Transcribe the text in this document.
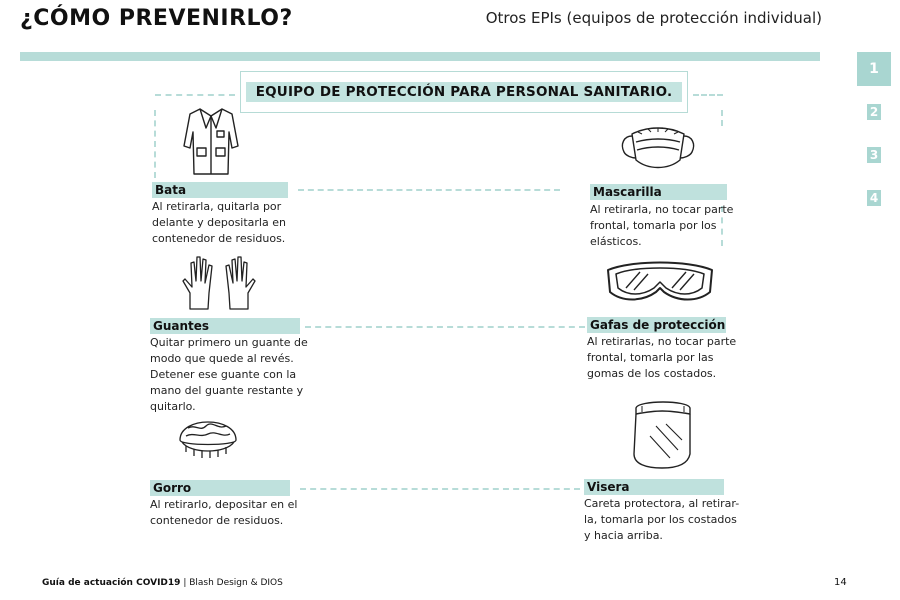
¿CÓMO PREVENIRLO?	Otros EPIs (equipos de protección individual)
1
2
3
4
EQUIPO DE PROTECCIÓN PARA PERSONAL SANITARIO.
Bata
Al retirarla, quitarla por
delante y depositarla en
contenedor de residuos.
Guantes
Quitar primero un guante de
modo que quede al revés.
Detener ese guante con la
mano del guante restante y
quitarlo.
Gorro
Al retirarlo, depositar en el
contenedor de residuos.
Mascarilla
Al retirarla, no tocar parte
frontal, tomarla por los
elásticos.
Gafas de protección
Al retirarlas, no tocar parte
frontal, tomarla por las
gomas de los costados.
Visera
Careta protectora, al retirar-
la, tomarla por los costados
y hacia arriba.
Guía de actuación COVID19 | Blash Design & DIOS	14
